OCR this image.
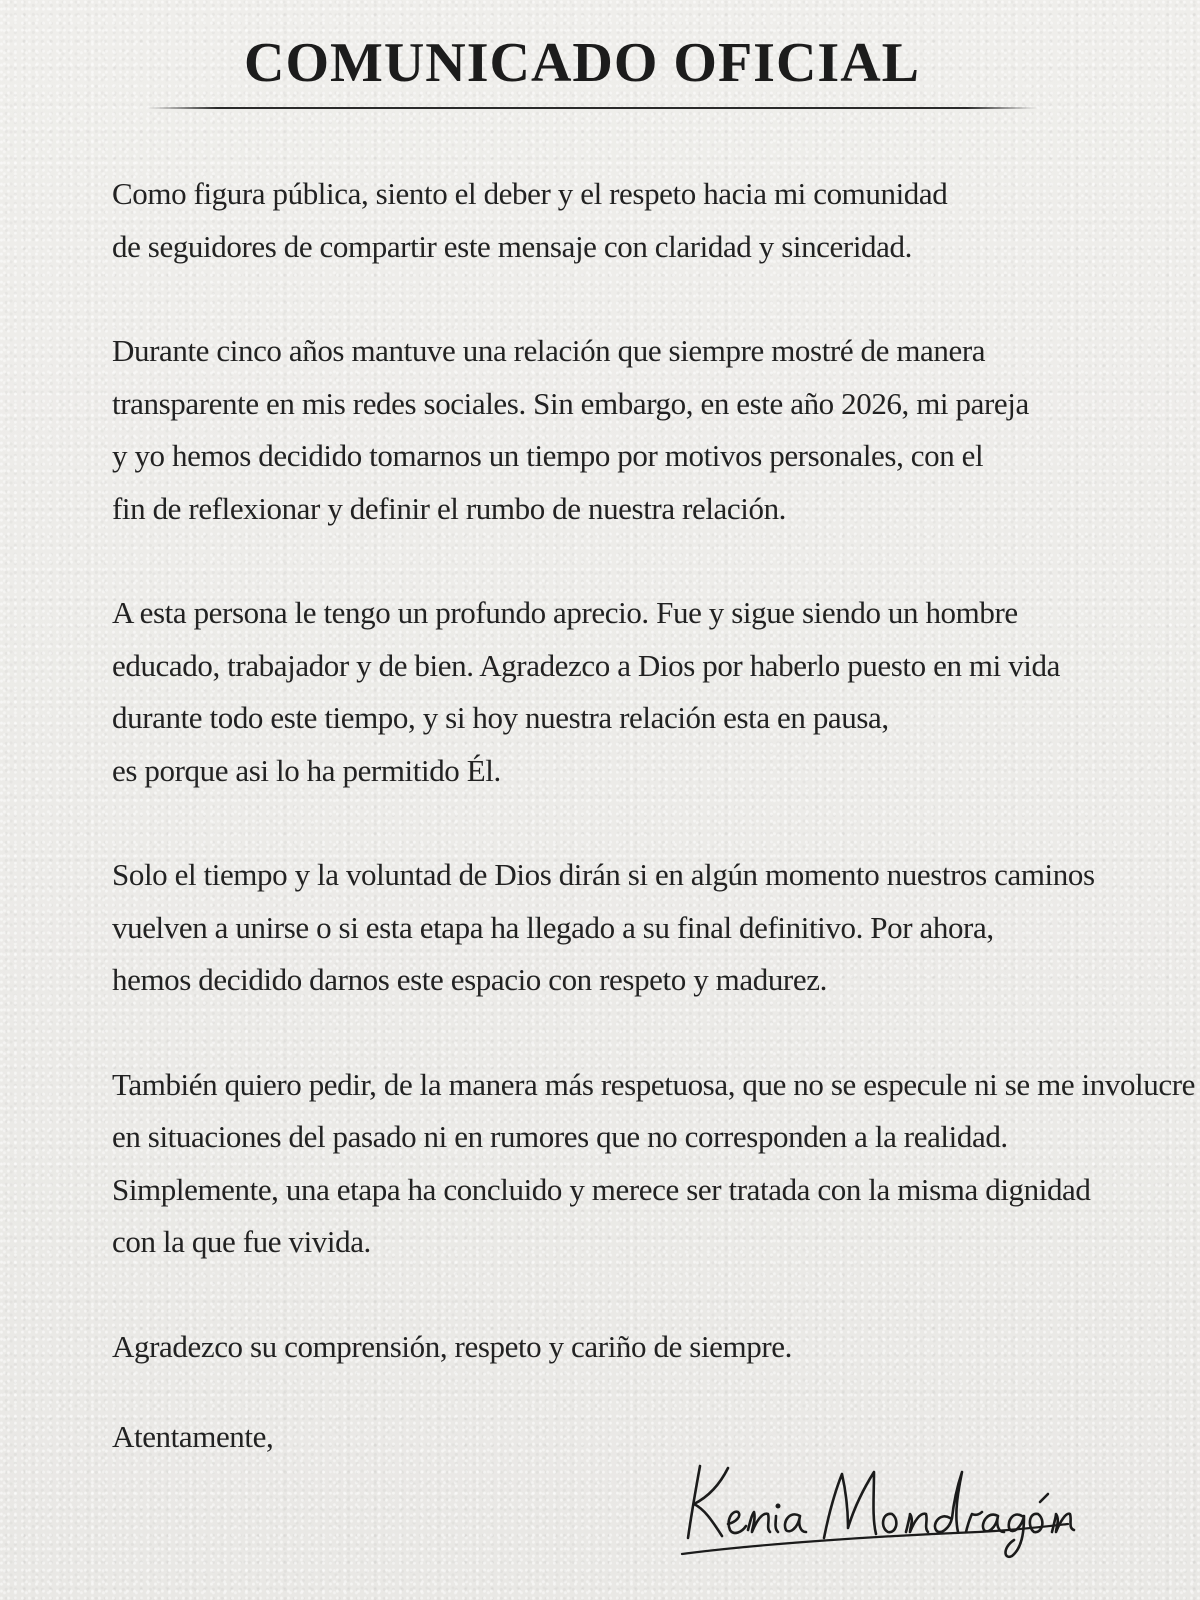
COMUNICADO OFICIAL

Como figura pública, siento el deber y el respeto hacia mi comunidad
de seguidores de compartir este mensaje con claridad y sinceridad.

Durante cinco años mantuve una relación que siempre mostré de manera
transparente en mis redes sociales. Sin embargo, en este año 2026, mi pareja
y yo hemos decidido tomarnos un tiempo por motivos personales, con el
fin de reflexionar y definir el rumbo de nuestra relación.

A esta persona le tengo un profundo aprecio. Fue y sigue siendo un hombre
educado, trabajador y de bien. Agradezco a Dios por haberlo puesto en mi vida
durante todo este tiempo, y si hoy nuestra relación esta en pausa,
es porque asi lo ha permitido Él.

Solo el tiempo y la voluntad de Dios dirán si en algún momento nuestros caminos
vuelven a unirse o si esta etapa ha llegado a su final definitivo. Por ahora,
hemos decidido darnos este espacio con respeto y madurez.

También quiero pedir, de la manera más respetuosa, que no se especule ni se me involucre
en situaciones del pasado ni en rumores que no corresponden a la realidad.
Simplemente, una etapa ha concluido y merece ser tratada con la misma dignidad
con la que fue vivida.

Agradezco su comprensión, respeto y cariño de siempre.

Atentamente,
